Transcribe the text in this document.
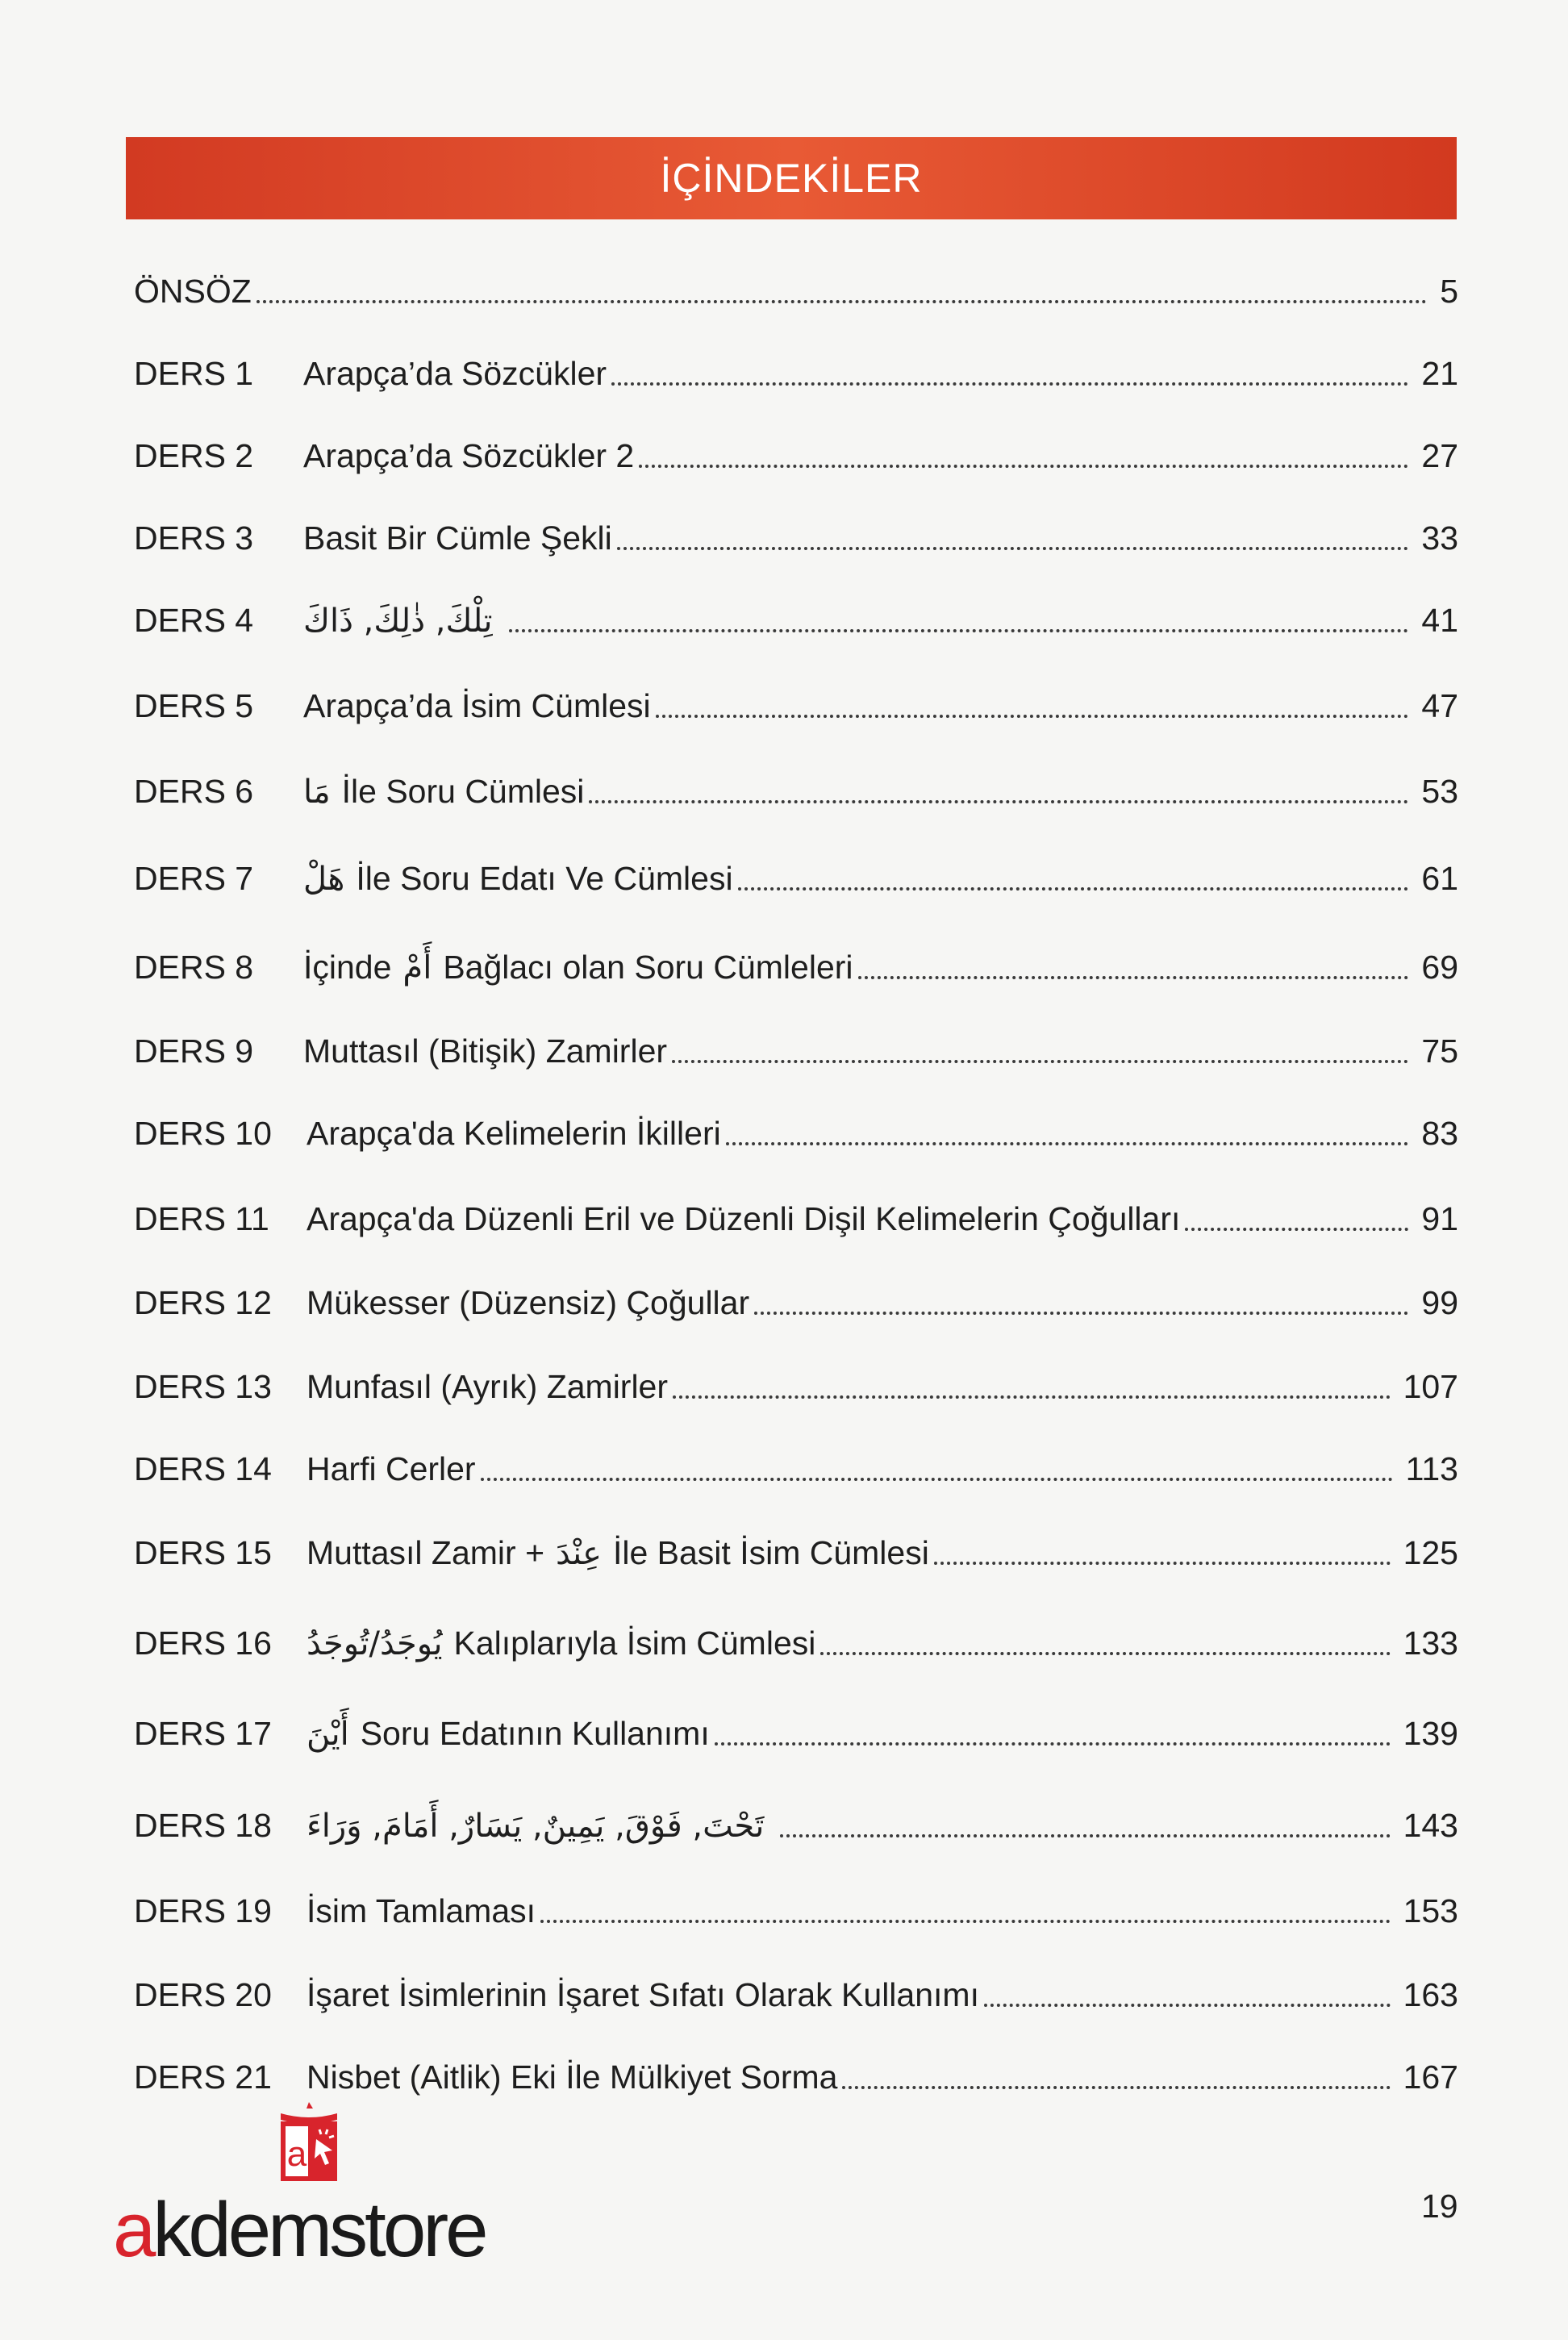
İÇİNDEKİLER
ÖNSÖZ	5
DERS 1	Arapça’da Sözcükler	21
DERS 2	Arapça’da Sözcükler 2	27
DERS 3	Basit Bir Cümle Şekli	33
DERS 4	تِلْكَ, ذٰلِكَ, ذَاكَ	41
DERS 5	Arapça’da İsim Cümlesi	47
DERS 6	مَا İle Soru Cümlesi	53
DERS 7	هَلْ İle Soru Edatı Ve Cümlesi	61
DERS 8	İçinde أَمْ Bağlacı olan Soru Cümleleri	69
DERS 9	Muttasıl (Bitişik) Zamirler	75
DERS 10	Arapça'da Kelimelerin İkilleri	83
DERS 11	Arapça'da Düzenli Eril ve Düzenli Dişil Kelimelerin Çoğulları	91
DERS 12	Mükesser (Düzensiz) Çoğullar	99
DERS 13	Munfasıl (Ayrık) Zamirler	107
DERS 14	Harfi Cerler	113
DERS 15	Muttasıl Zamir + عِنْدَ İle Basit İsim Cümlesi	125
DERS 16	يُوجَدُ/تُوجَدُ Kalıplarıyla İsim Cümlesi	133
DERS 17	أَيْنَ Soru Edatının Kullanımı	139
DERS 18	تَحْتَ, فَوْقَ, يَمِينٌ, يَسَارٌ, أَمَامَ, وَرَاءَ	143
DERS 19	İsim Tamlaması	153
DERS 20	İşaret İsimlerinin İşaret Sıfatı Olarak Kullanımı	163
DERS 21	Nisbet (Aitlik) Eki İle Mülkiyet Sorma	167
19
a
akdemstore
